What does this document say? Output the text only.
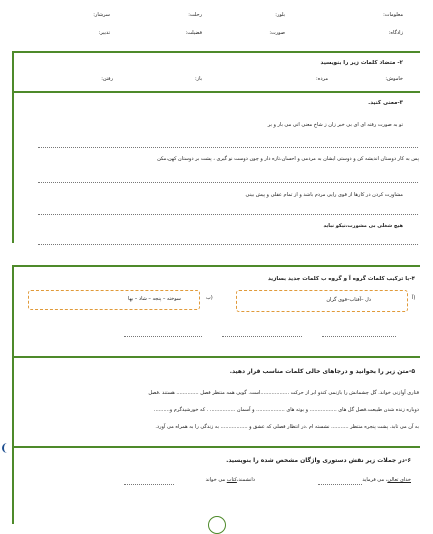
معلومات:
بلور:
رحلت:
سرشار:
زادگاه:
صورت:
فضیلت:
تدبیر:
۲- متضاد کلمات زیر را بنویسید
خاموش:
مرده:
باز:
رفتن:
۳-معنی کنید.
تو به صورت رفته ای ای بی خبر زان ز شاخ معنی اتی می بار و بر
پس به کار دوستان اندیشه کن و دوستی ایشان به مردمی و احسان،تازه دار و چون دوست نو گیری ، پشت بر دوستان کهن،مکن
مشاورت کردن در کارها از قوی رایی مردم باشد و از تمام عقلی و پیش بینی
هیچ شغلی بی مشورت،نیکو نباید
۴-با ترکیب کلمات گروه آ و گروه ب کلمات جدید بسازید
آ)
دل –آفتاب–قوی گران
ب)
سوخته – پنجه – شاد – بها
۵-متن زیر را بخوانید و درجاهای خالی کلمات مناسب قرار دهید.
قناری آوازنی خواند. گل چشمانش را بازنمی کندو ابر از حرکت ..................است. گویی همه منتظر فصل .............. هستند .فصل
دوباره زنده شدن طبیعت.فصل گل های ................. و بوته های .................. و آسمان ................ . که خورشیدگرم و..........
به آن می تابد. پشت پنجره منتظر ........... نشسته ام .در انتظار فصلی که عشق و ................. به زندگی را به همراه می آورد.
۶-در جملات زیر نقش دستوری واژگان مشخص شده را بنویسید.
خدای تعالی، می فرماید
دانشمند،کتاب می خواند
